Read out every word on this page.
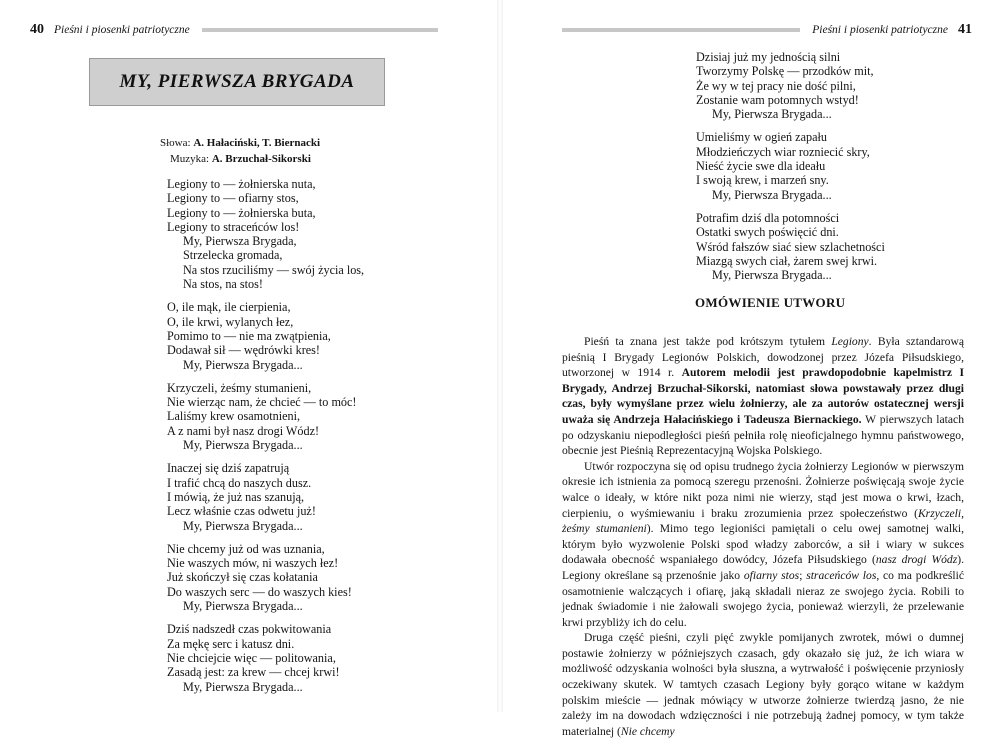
40 Pieśni i piosenki patriotyczne
MY, PIERWSZA BRYGADA
Słowa: A. Hałaciński, T. Biernacki
Muzyka: A. Brzuchał-Sikorski
Legiony to — żołnierska nuta,
Legiony to — ofiarny stos,
Legiony to — żołnierska buta,
Legiony to straceńców los!
My, Pierwsza Brygada,
Strzelecka gromada,
Na stos rzuciliśmy — swój życia los,
Na stos, na stos!
O, ile mąk, ile cierpienia,
O, ile krwi, wylanych łez,
Pomimo to — nie ma zwątpienia,
Dodawał sił — wędrówki kres!
My, Pierwsza Brygada...
Krzyczeli, żeśmy stumanieni,
Nie wierząc nam, że chcieć — to móc!
Laliśmy krew osamotnieni,
A z nami był nasz drogi Wódz!
My, Pierwsza Brygada...
Inaczej się dziś zapatrują
I trafić chcą do naszych dusz.
I mówią, że już nas szanują,
Lecz właśnie czas odwetu już!
My, Pierwsza Brygada...
Nie chcemy już od was uznania,
Nie waszych mów, ni waszych łez!
Już skończył się czas kołatania
Do waszych serc — do waszych kies!
My, Pierwsza Brygada...
Dziś nadszedł czas pokwitowania
Za mękę serc i katusz dni.
Nie chciejcie więc — politowania,
Zasadą jest: za krew — chcej krwi!
My, Pierwsza Brygada...
Pieśni i piosenki patriotyczne 41
Dzisiaj już my jednością silni
Tworzymy Polskę — przodków mit,
Że wy w tej pracy nie dość pilni,
Zostanie wam potomnych wstyd!
My, Pierwsza Brygada...
Umieliśmy w ogień zapału
Młodzieńczych wiar roznieсić skry,
Nieść życie swe dla ideału
I swoją krew, i marzeń sny.
My, Pierwsza Brygada...
Potrafim dziś dla potomności
Ostatki swych poświęcić dni.
Wśród fałszów siać siew szlachetności
Miazgą swych ciał, żarem swej krwi.
My, Pierwsza Brygada...
OMÓWIENIE UTWORU

Pieśń ta znana jest także pod krótszym tytułem Legiony. Była sztandarową pieśnią I Brygady Legionów Polskich, dowodzonej przez Józefa Piłsudskiego, utworzonej w 1914 r. Autorem melodii jest prawdopodobnie kapelmistrz I Brygady, Andrzej Brzuchał-Sikorski, natomiast słowa powstawały przez długi czas, były wymyślane przez wielu żołnierzy, ale za autorów ostatecznej wersji uważa się Andrzeja Hałacińskiego i Tadeusza Biernackiego. W pierwszych latach po odzyskaniu niepodległości pieśń pełniła rolę nieoficjalnego hymnu państwowego, obecnie jest Pieśnią Reprezentacyjną Wojska Polskiego.

Utwór rozpoczyna się od opisu trudnego życia żołnierzy Legionów w pierwszym okresie ich istnienia za pomocą szeregu przenośni. Żołnierze poświęcają swoje życie walce o ideały, w które nikt poza nimi nie wierzy, stąd jest mowa o krwi, łzach, cierpieniu, o wyśmiewaniu i braku zrozumienia przez społeczeństwo (Krzyczeli, żeśmy stumanieni). Mimo tego legioniści pamiętali o celu owej samotnej walki, którym było wyzwolenie Polski spod władzy zaborców, a sił i wiary w sukces dodawała obecność wspaniałego dowódcy, Józefa Piłsudskiego (nasz drogi Wódz). Legiony określane są przenośnie jako ofiarny stos; straceńców los, co ma podkreślić osamotnienie walczących i ofiarę, jaką składali nieraz ze swojego życia. Robili to jednak świadomie i nie żałowali swojego życia, ponieważ wierzyli, że przelewanie krwi przybliży ich do celu.

Druga część pieśni, czyli pięć zwykle pomijanych zwrotek, mówi o dumnej postawie żołnierzy w późniejszych czasach, gdy okazało się już, że ich wiara w możliwość odzyskania wolności była słuszna, a wytrwałość i poświęcenie przyniosły oczekiwany skutek. W tamtych czasach Legiony były gorąco witane w każdym polskim mieście — jednak mówiący w utworze żołnierze twierdzą jasno, że nie zależy im na dowodach wdzięczności i nie potrzebują żadnej pomocy, w tym także materialnej (Nie chcemy
